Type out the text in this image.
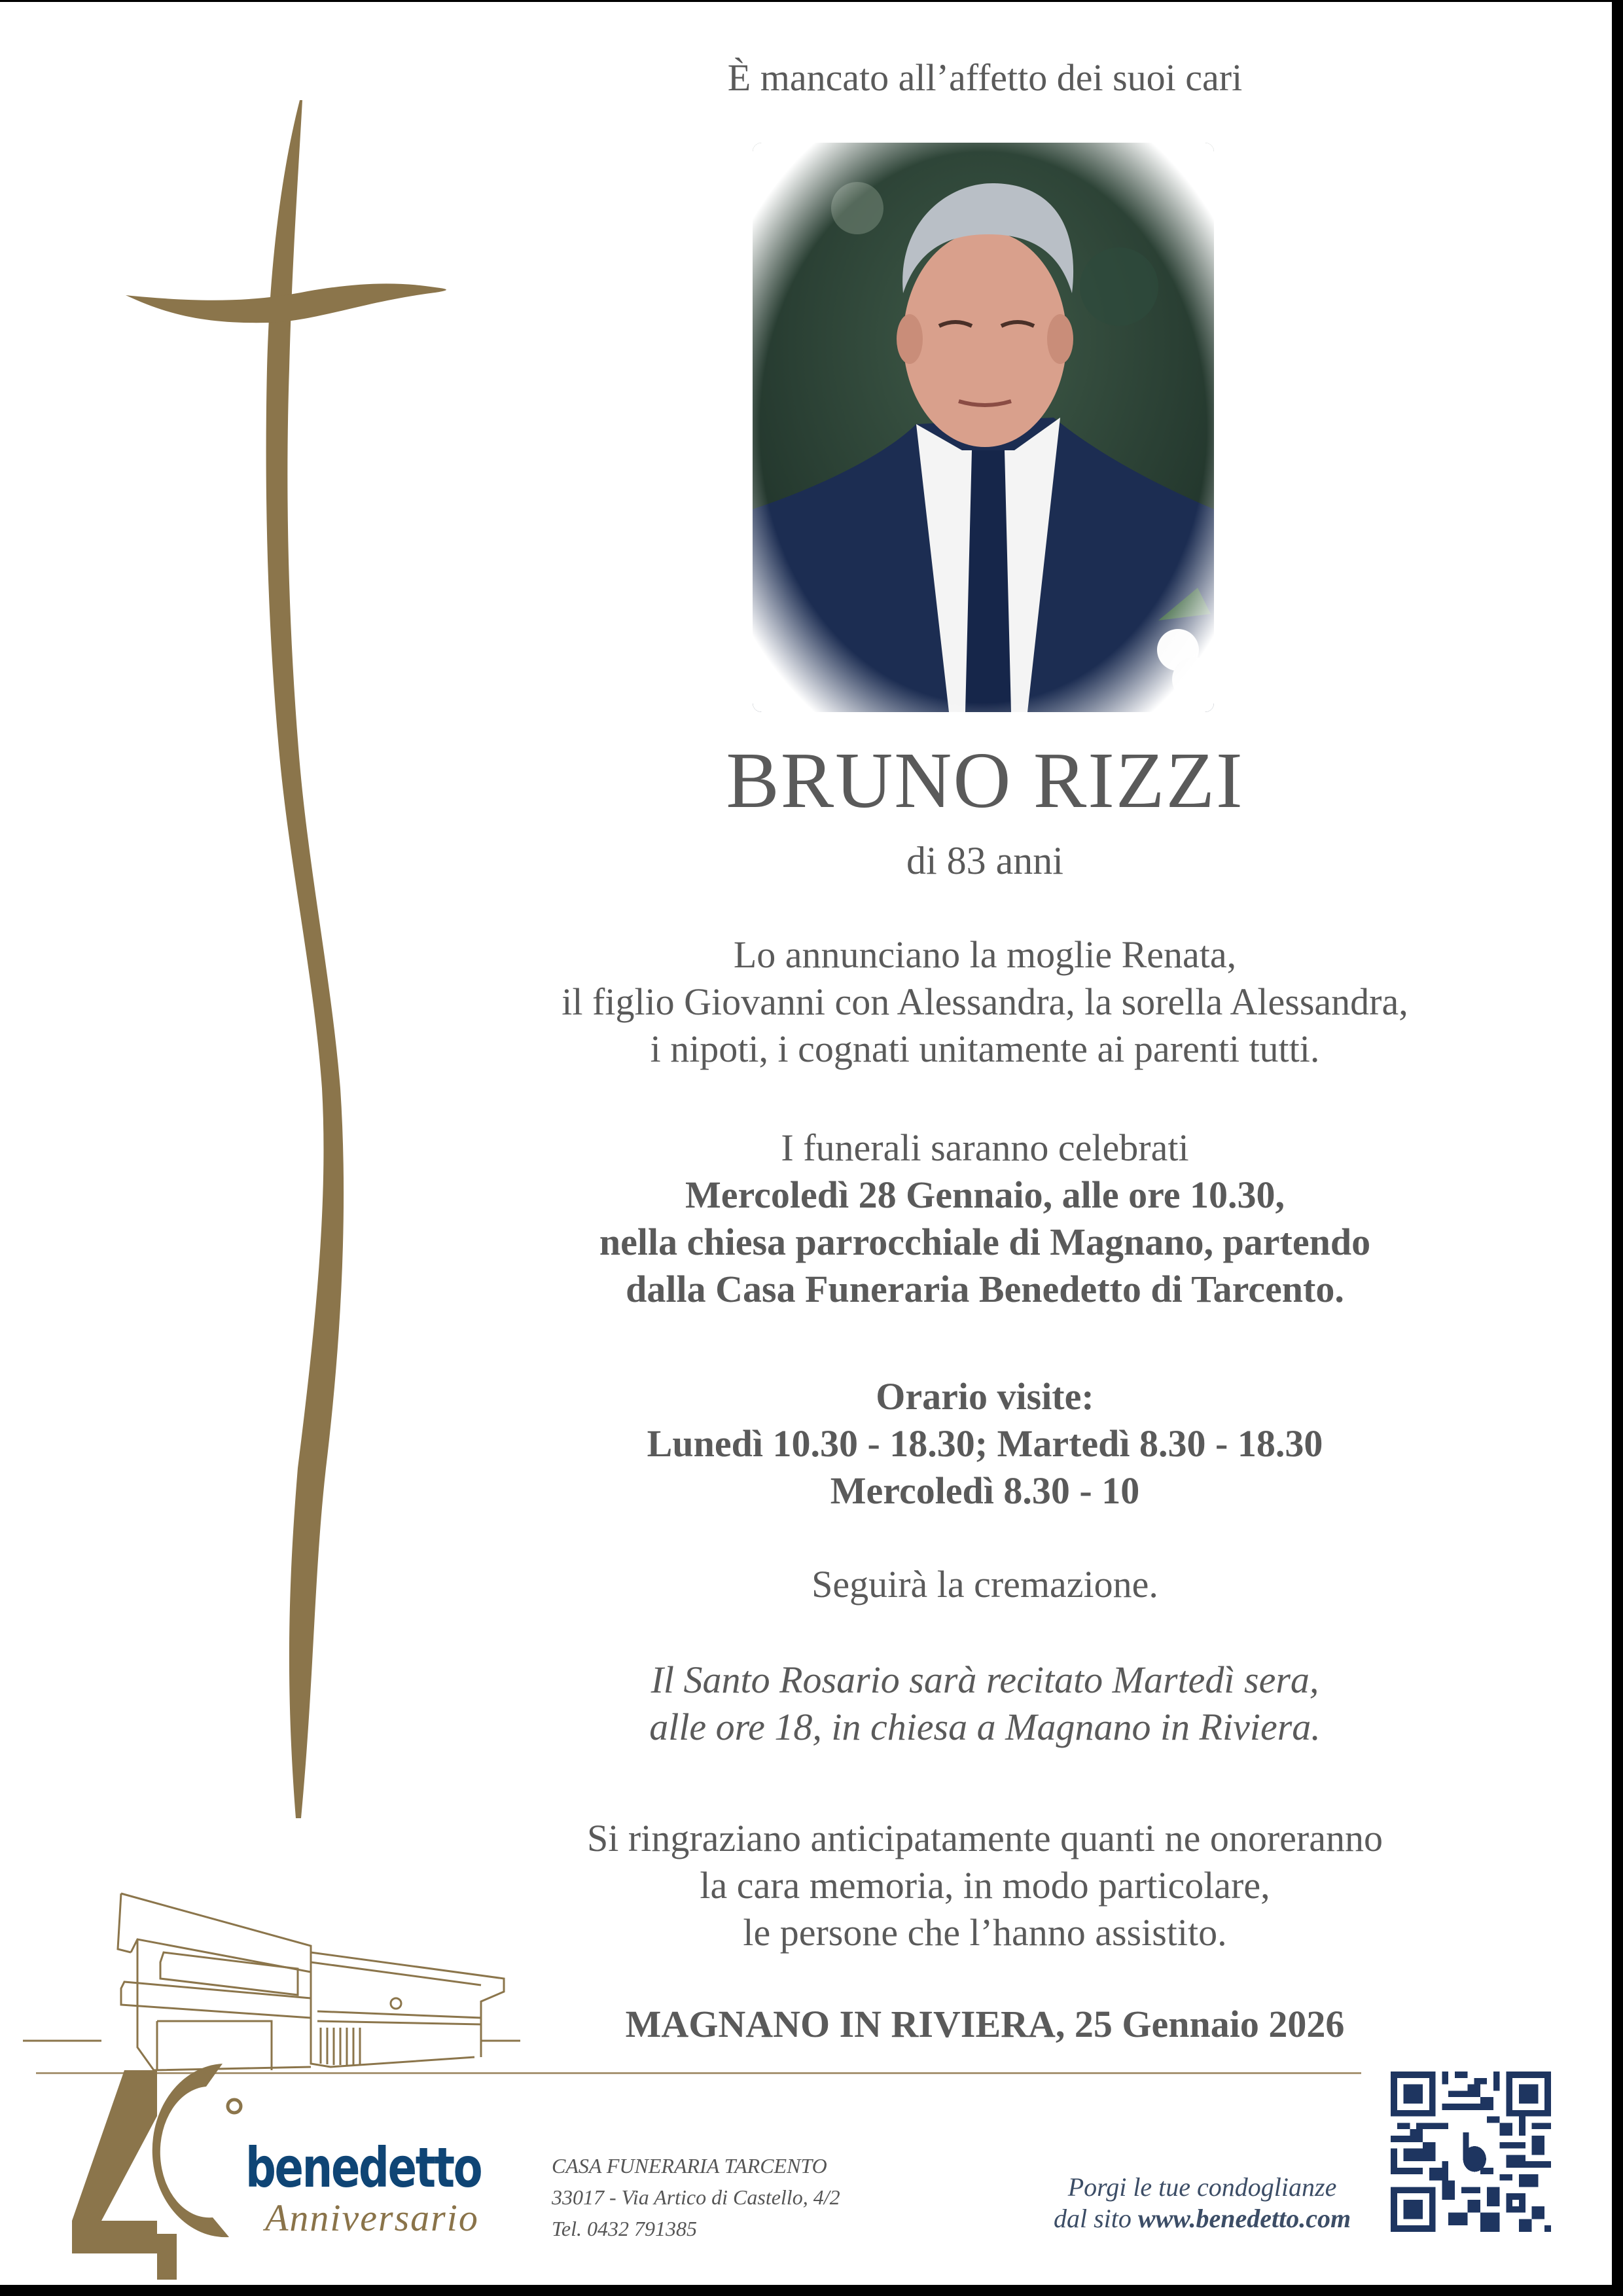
È mancato all’affetto dei suoi cari
BRUNO RIZZI
di 83 anni
Lo annunciano la moglie Renata,
il figlio Giovanni con Alessandra, la sorella Alessandra,
i nipoti, i cognati unitamente ai parenti tutti.
I funerali saranno celebrati
Mercoledì 28 Gennaio, alle ore 10.30,
nella chiesa parrocchiale di Magnano, partendo
dalla Casa Funeraria Benedetto di Tarcento.
Orario visite:
Lunedì 10.30 - 18.30; Martedì 8.30 - 18.30
Mercoledì 8.30 - 10
Seguirà la cremazione.
Il Santo Rosario sarà recitato Martedì sera,
alle ore 18, in chiesa a Magnano in Riviera.
Si ringraziano anticipatamente quanti ne onoreranno
la cara memoria, in modo particolare,
le persone che l’hanno assistito.
MAGNANO IN RIVIERA, 25 Gennaio 2026
benedetto
Anniversario
CASA FUNERARIA TARCENTO
33017 - Via Artico di Castello, 4/2
Tel. 0432 791385
Porgi le tue condoglianze
dal sito www.benedetto.com
